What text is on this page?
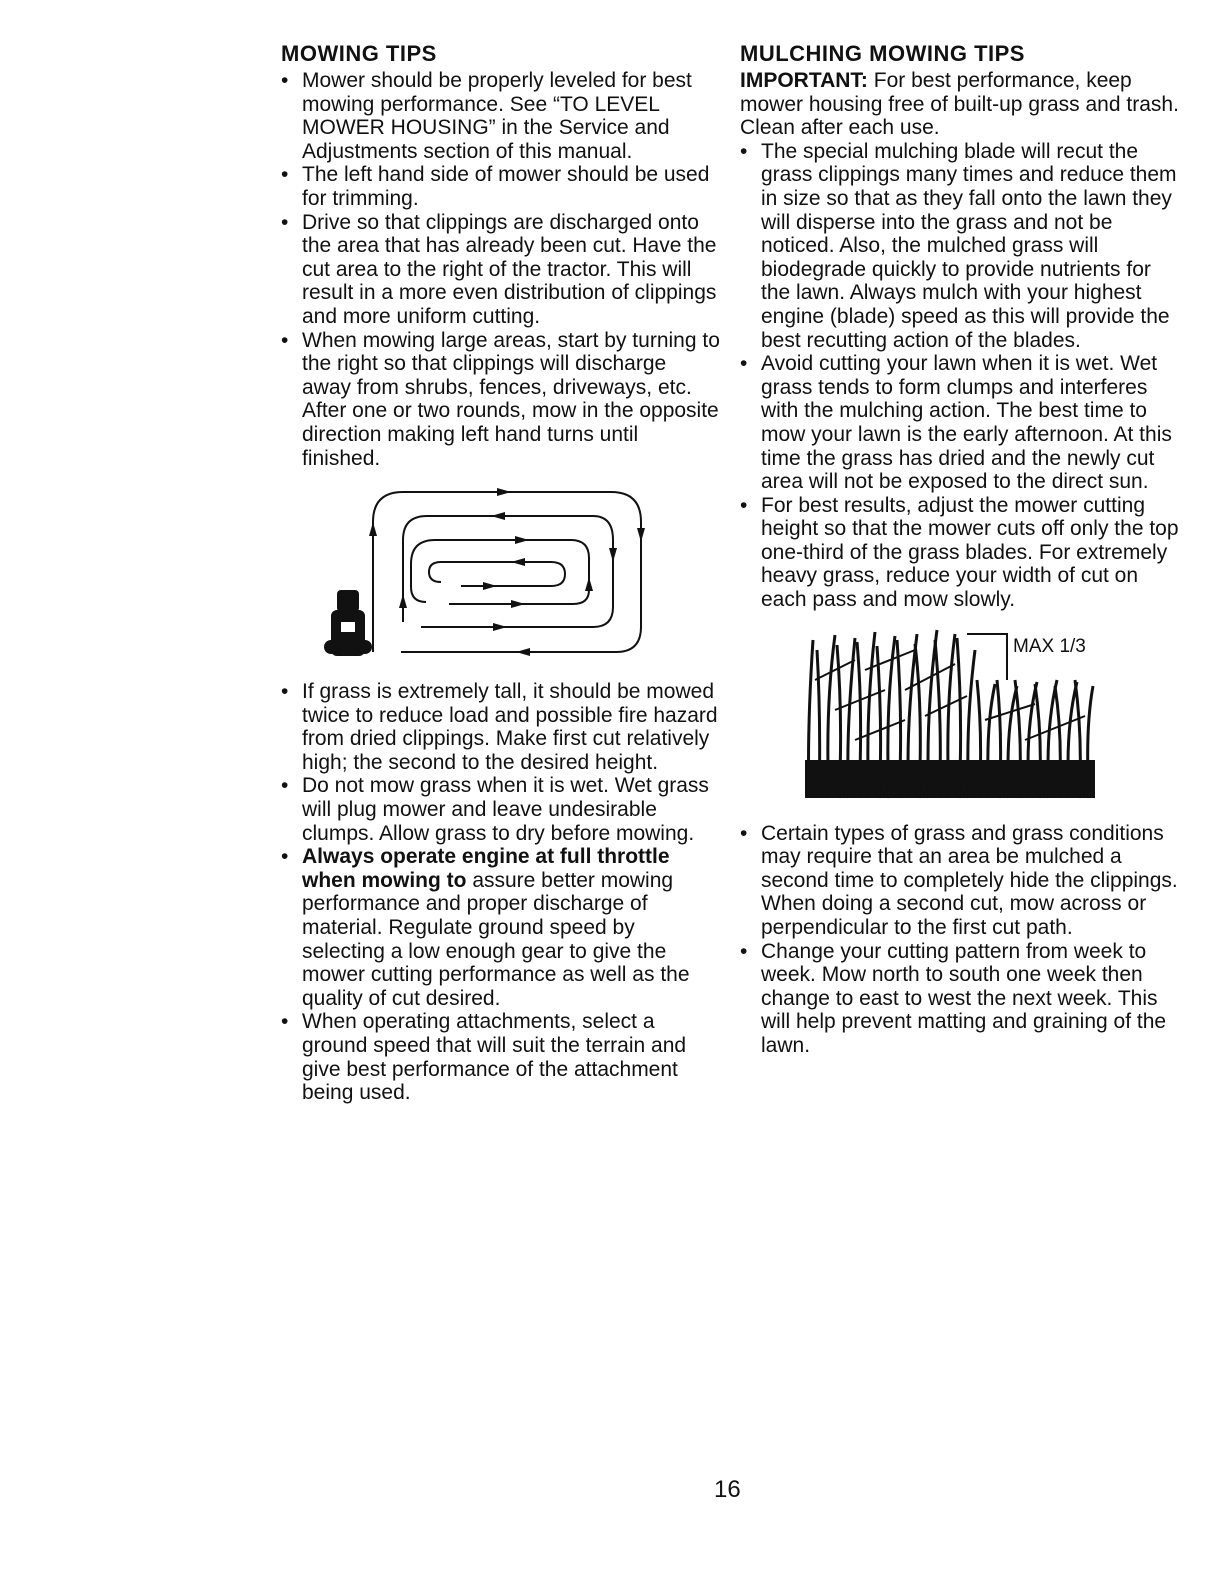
MOWING TIPS
• Mower should be properly leveled for best mowing performance. See “TO LEVEL MOWER HOUSING” in the Service and Adjustments section of this manual.
• The left hand side of mower should be used for trimming.
• Drive so that clippings are discharged onto the area that has already been cut. Have the cut area to the right of the tractor. This will result in a more even distribution of clippings and more uniform cutting.
• When mowing large areas, start by turning to the right so that clippings will discharge away from shrubs, fences, driveways, etc. After one or two rounds, mow in the opposite direction making left hand turns until finished.
• If grass is extremely tall, it should be mowed twice to reduce load and possible fire hazard from dried clippings. Make first cut relatively high; the second to the desired height.
• Do not mow grass when it is wet. Wet grass will plug mower and leave undesirable clumps. Allow grass to dry before mowing.
• Always operate engine at full throttle when mowing to assure better mowing performance and proper discharge of material. Regulate ground speed by selecting a low enough gear to give the mower cutting performance as well as the quality of cut desired.
• When operating attachments, select a ground speed that will suit the terrain and give best performance of the attachment being used.
MULCHING MOWING TIPS

IMPORTANT: For best performance, keep mower housing free of built-up grass and trash. Clean after each use.

• The special mulching blade will recut the grass clippings many times and reduce them in size so that as they fall onto the lawn they will disperse into the grass and not be noticed. Also, the mulched grass will biodegrade quickly to provide nutrients for the lawn. Always mulch with your highest engine (blade) speed as this will provide the best recutting action of the blades.
• Avoid cutting your lawn when it is wet. Wet grass tends to form clumps and interferes with the mulching action. The best time to mow your lawn is the early afternoon. At this time the grass has dried and the newly cut area will not be exposed to the direct sun.
• For best results, adjust the mower cutting height so that the mower cuts off only the top one-third of the grass blades. For extremely heavy grass, reduce your width of cut on each pass and mow slowly.
MAX 1/3
• Certain types of grass and grass conditions may require that an area be mulched a second time to completely hide the clippings. When doing a second cut, mow across or perpendicular to the first cut path.
• Change your cutting pattern from week to week. Mow north to south one week then change to east to west the next week. This will help prevent matting and graining of the lawn.
16
